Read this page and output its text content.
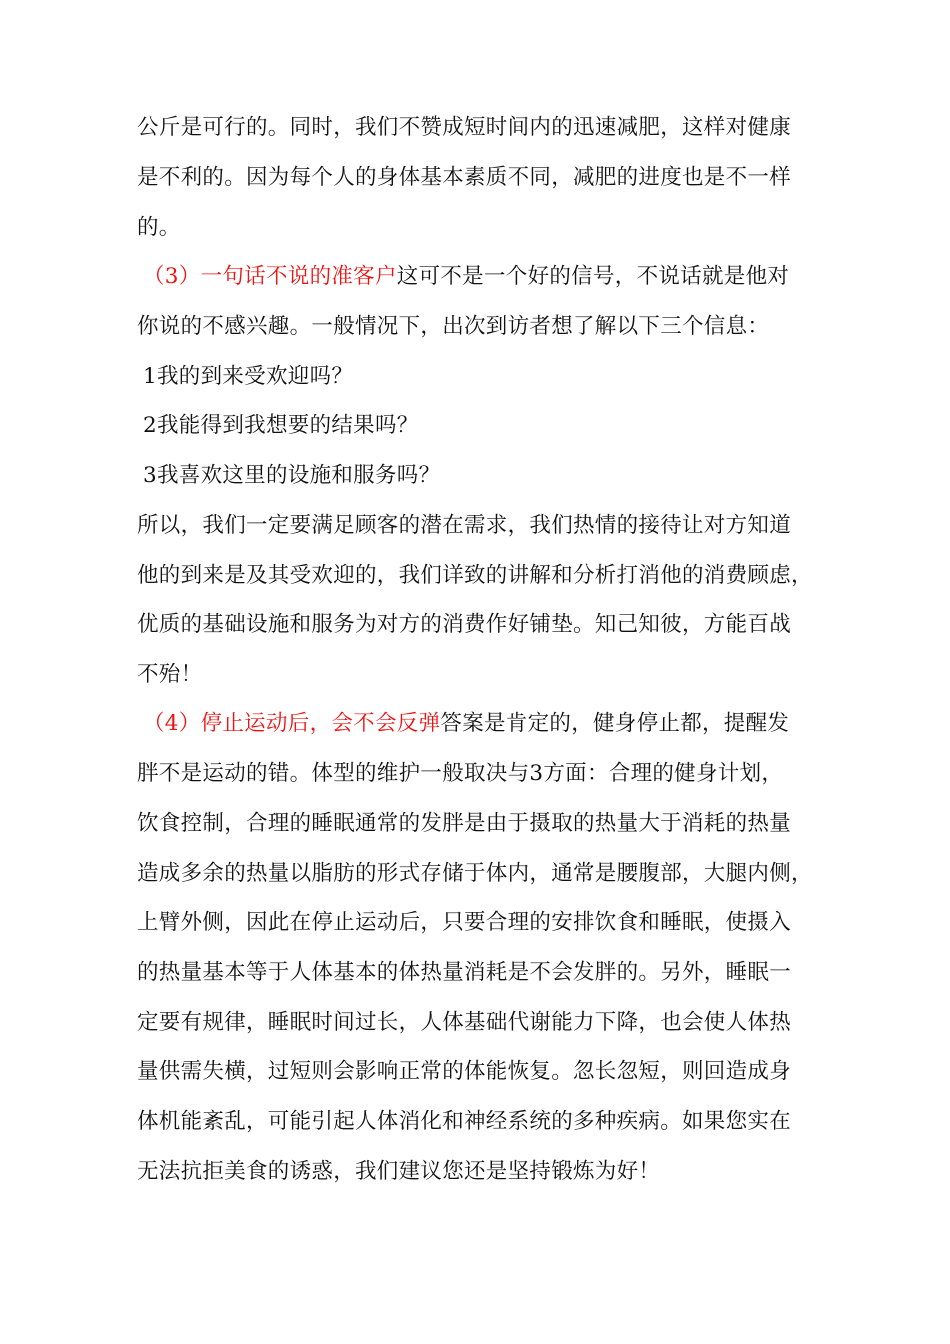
公斤是可行的。同时，我们不赞成短时间内的迅速减肥，这样对健康
是不利的。因为每个人的身体基本素质不同，减肥的进度也是不一样
的。
（3）一句话不说的准客户这可不是一个好的信号，不说话就是他对
你说的不感兴趣。一般情况下，出次到访者想了解以下三个信息：
1我的到来受欢迎吗？
2我能得到我想要的结果吗？
3我喜欢这里的设施和服务吗？
所以，我们一定要满足顾客的潜在需求，我们热情的接待让对方知道
他的到来是及其受欢迎的，我们详致的讲解和分析打消他的消费顾虑，
优质的基础设施和服务为对方的消费作好铺垫。知己知彼，方能百战
不殆！
（4）停止运动后，会不会反弹答案是肯定的，健身停止都，提醒发
胖不是运动的错。体型的维护一般取决与3方面：合理的健身计划，
饮食控制，合理的睡眠通常的发胖是由于摄取的热量大于消耗的热量
造成多余的热量以脂肪的形式存储于体内，通常是腰腹部，大腿内侧，
上臂外侧，因此在停止运动后，只要合理的安排饮食和睡眠，使摄入
的热量基本等于人体基本的体热量消耗是不会发胖的。另外，睡眠一
定要有规律，睡眠时间过长，人体基础代谢能力下降，也会使人体热
量供需失横，过短则会影响正常的体能恢复。忽长忽短，则回造成身
体机能紊乱，可能引起人体消化和神经系统的多种疾病。如果您实在
无法抗拒美食的诱惑，我们建议您还是坚持锻炼为好！
